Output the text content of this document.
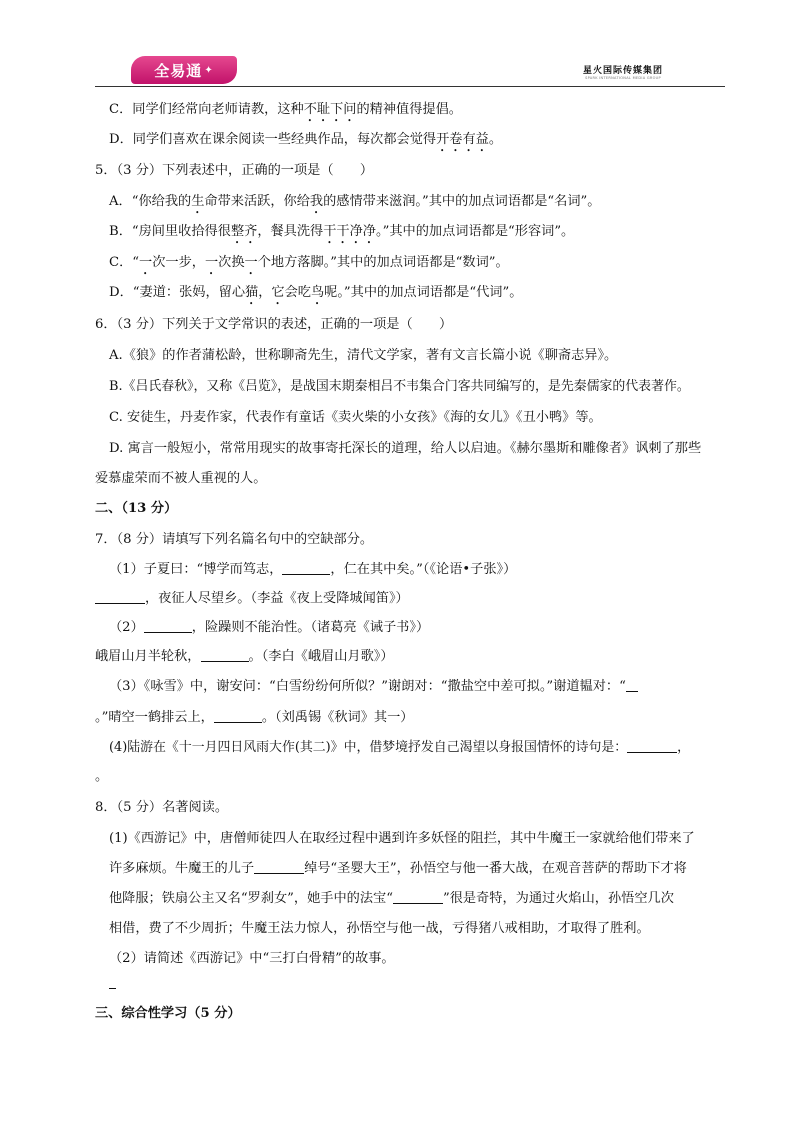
全易通 ✦	星火国际传媒集团
SPARK INTERNATIONAL MEDIA GROUP
C．同学们经常向老师请教，这种不耻下问的精神值得提倡。
D．同学们喜欢在课余阅读一些经典作品，每次都会觉得开卷有益。
5．（3 分）下列表述中，正确的一项是（　　）
A．“你给我的生命带来活跃，你给我的感情带来滋润。”其中的加点词语都是“名词”。
B．“房间里收拾得很整齐，餐具洗得干干净净。”其中的加点词语都是“形容词”。
C．“一次一步，一次换一个地方落脚。”其中的加点词语都是“数词”。
D．“妻道：张妈，留心猫，它会吃鸟呢。”其中的加点词语都是“代词”。
6．（3 分）下列关于文学常识的表述，正确的一项是（　　）
A.《狼》的作者蒲松龄，世称聊斋先生，清代文学家，著有文言长篇小说《聊斋志异》。
B.《吕氏春秋》，又称《吕览》，是战国末期秦相吕不韦集合门客共同编写的，是先秦儒家的代表著作。
C. 安徒生，丹麦作家，代表作有童话《卖火柴的小女孩》《海的女儿》《丑小鸭》等。
D. 寓言一般短小，常常用现实的故事寄托深长的道理，给人以启迪。《赫尔墨斯和雕像者》讽刺了那些
爱慕虚荣而不被人重视的人。
二、（13 分）
7．（8 分）请填写下列名篇名句中的空缺部分。
（1）子夏曰：“博学而笃志，	，仁在其中矣。”（《论语•子张》）
，夜征人尽望乡。（李益《夜上受降城闻笛》）
（2）	，险躁则不能治性。（诸葛亮《诫子书》）
峨眉山月半轮秋，	。（李白《峨眉山月歌》）
（3）《咏雪》中，谢安问：“白雪纷纷何所似？”谢朗对：“撒盐空中差可拟。”谢道韫对：“
。”晴空一鹤排云上，	。（刘禹锡《秋词》其一）
(4)陆游在《十一月四日风雨大作(其二)》中，借梦境抒发自己渴望以身报国情怀的诗句是：	，
。
8．（5 分）名著阅读。
(1)《西游记》中，唐僧师徒四人在取经过程中遇到许多妖怪的阻拦，其中牛魔王一家就给他们带来了
许多麻烦。牛魔王的儿子	绰号“圣婴大王”，孙悟空与他一番大战，在观音菩萨的帮助下才将
他降服；铁扇公主又名“罗刹女”，她手中的法宝“	”很是奇特，为通过火焰山，孙悟空几次
相借，费了不少周折；牛魔王法力惊人，孙悟空与他一战，亏得猪八戒相助，才取得了胜利。
（2）请简述《西游记》中“三打白骨精”的故事。
三、综合性学习（5 分）
